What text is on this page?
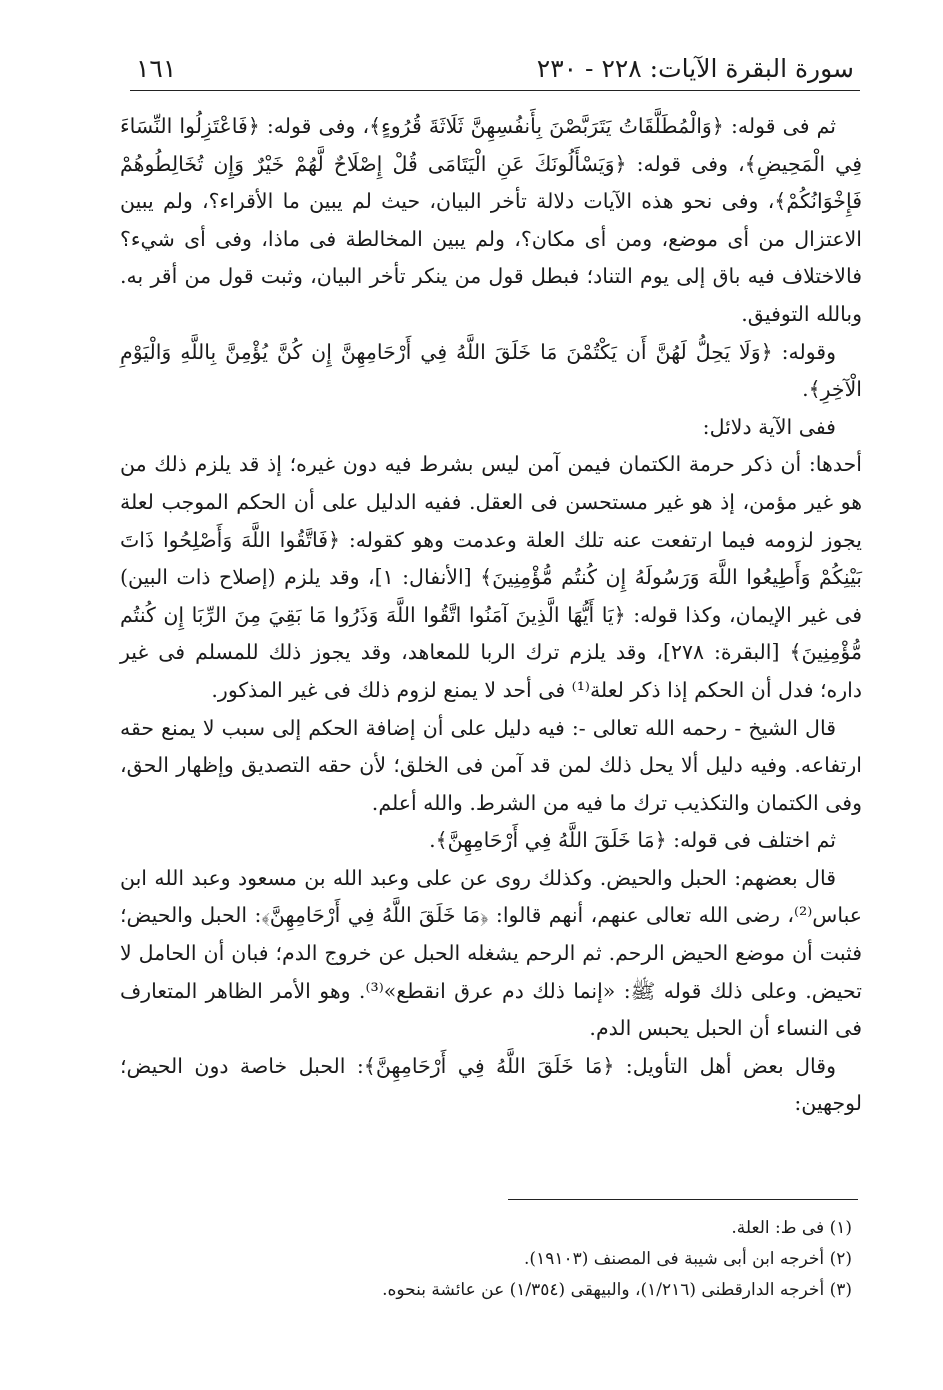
سورة البقرة الآيات: ٢٢٨ - ٢٣٠
١٦١

ثم فى قوله: ﴿وَالْمُطَلَّقَاتُ يَتَرَبَّصْنَ بِأَنفُسِهِنَّ ثَلَاثَةَ قُرُوءٍ﴾، وفى قوله: ﴿فَاعْتَزِلُوا النِّسَاءَ فِي الْمَحِيضِ﴾، وفى قوله: ﴿وَيَسْأَلُونَكَ عَنِ الْيَتَامَى قُلْ إِصْلَاحٌ لَّهُمْ خَيْرٌ وَإِن تُخَالِطُوهُمْ فَإِخْوَانُكُمْ﴾، وفى نحو هذه الآيات دلالة تأخر البيان، حيث لم يبين ما الأقراء؟، ولم يبين الاعتزال من أى موضع، ومن أى مكان؟، ولم يبين المخالطة فى ماذا، وفى أى شيء؟ فالاختلاف فيه باق إلى يوم التناد؛ فبطل قول من ينكر تأخر البيان، وثبت قول من أقر به. وبالله التوفيق.

وقوله: ﴿وَلَا يَحِلُّ لَهُنَّ أَن يَكْتُمْنَ مَا خَلَقَ اللَّهُ فِي أَرْحَامِهِنَّ إِن كُنَّ يُؤْمِنَّ بِاللَّهِ وَالْيَوْمِ الْآخِرِ﴾.

ففى الآية دلائل:

أحدها: أن ذكر حرمة الكتمان فيمن آمن ليس بشرط فيه دون غيره؛ إذ قد يلزم ذلك من هو غير مؤمن، إذ هو غير مستحسن فى العقل. ففيه الدليل على أن الحكم الموجب لعلة يجوز لزومه فيما ارتفعت عنه تلك العلة وعدمت وهو كقوله: ﴿فَاتَّقُوا اللَّهَ وَأَصْلِحُوا ذَاتَ بَيْنِكُمْ وَأَطِيعُوا اللَّهَ وَرَسُولَهُ إِن كُنتُم مُّؤْمِنِينَ﴾ [الأنفال: ١]، وقد يلزم (إصلاح ذات البين) فى غير الإيمان، وكذا قوله: ﴿يَا أَيُّهَا الَّذِينَ آمَنُوا اتَّقُوا اللَّهَ وَذَرُوا مَا بَقِيَ مِنَ الرِّبَا إِن كُنتُم مُّؤْمِنِينَ﴾ [البقرة: ٢٧٨]، وقد يلزم ترك الربا للمعاهد، وقد يجوز ذلك للمسلم فى غير داره؛ فدل أن الحكم إذا ذكر لعلة⁽¹⁾ فى أحد لا يمنع لزوم ذلك فى غير المذكور.

قال الشيخ - رحمه الله تعالى -: فيه دليل على أن إضافة الحكم إلى سبب لا يمنع حقه ارتفاعه. وفيه دليل ألا يحل ذلك لمن قد آمن فى الخلق؛ لأن حقه التصديق وإظهار الحق، وفى الكتمان والتكذيب ترك ما فيه من الشرط. والله أعلم.

ثم اختلف فى قوله: ﴿مَا خَلَقَ اللَّهُ فِي أَرْحَامِهِنَّ﴾.

قال بعضهم: الحبل والحيض. وكذلك روى عن على وعبد الله بن مسعود وعبد الله ابن عباس⁽²⁾، رضى الله تعالى عنهم، أنهم قالوا: ﴿مَا خَلَقَ اللَّهُ فِي أَرْحَامِهِنَّ﴾: الحبل والحيض؛ فثبت أن موضع الحيض الرحم. ثم الرحم يشغله الحبل عن خروج الدم؛ فبان أن الحامل لا تحيض. وعلى ذلك قوله ﷺ: «إنما ذلك دم عرق انقطع»⁽³⁾. وهو الأمر الظاهر المتعارف فى النساء أن الحبل يحبس الدم.

وقال بعض أهل التأويل: ﴿مَا خَلَقَ اللَّهُ فِي أَرْحَامِهِنَّ﴾: الحبل خاصة دون الحيض؛ لوجهين:

(١) فى ط: العلة.
(٢) أخرجه ابن أبى شيبة فى المصنف (١٩١٠٣).
(٣) أخرجه الدارقطنى (١/٢١٦)، والبيهقى (١/٣٥٤) عن عائشة بنحوه.
